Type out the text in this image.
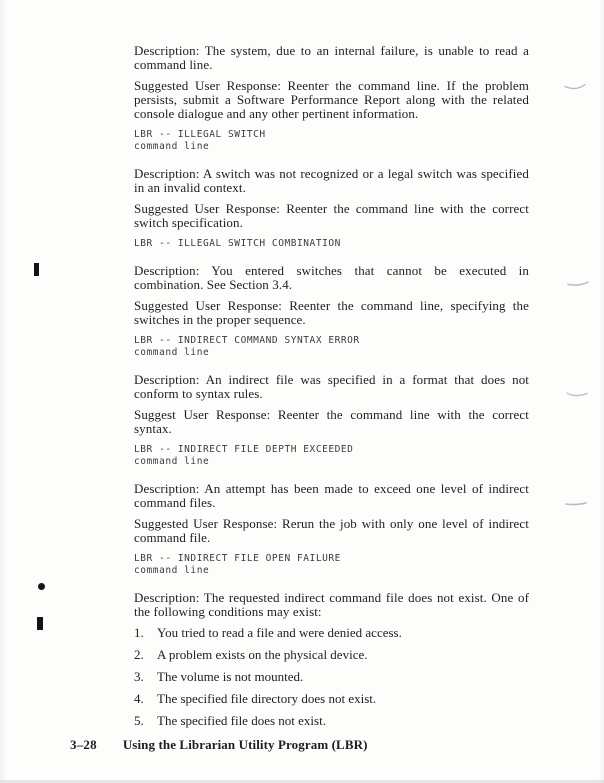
Description: The system, due to an internal failure, is unable to read a command line.

Suggested User Response: Reenter the command line. If the problem persists, submit a Software Performance Report along with the related console dialogue and any other pertinent information.

LBR -- ILLEGAL SWITCH
command line

Description: A switch was not recognized or a legal switch was specified in an invalid context.

Suggested User Response: Reenter the command line with the correct switch specification.

LBR -- ILLEGAL SWITCH COMBINATION

Description: You entered switches that cannot be executed in combination. See Section 3.4.

Suggested User Response: Reenter the command line, specifying the switches in the proper sequence.

LBR -- INDIRECT COMMAND SYNTAX ERROR
command line

Description: An indirect file was specified in a format that does not conform to syntax rules.

Suggest User Response: Reenter the command line with the correct syntax.

LBR -- INDIRECT FILE DEPTH EXCEEDED
command line

Description: An attempt has been made to exceed one level of indirect command files.

Suggested User Response: Rerun the job with only one level of indirect command file.

LBR -- INDIRECT FILE OPEN FAILURE
command line

Description: The requested indirect command file does not exist. One of the following conditions may exist:

1.	You tried to read a file and were denied access.
2.	A problem exists on the physical device.
3.	The volume is not mounted.
4.	The specified file directory does not exist.
5.	The specified file does not exist.
3–28 Using the Librarian Utility Program (LBR)
